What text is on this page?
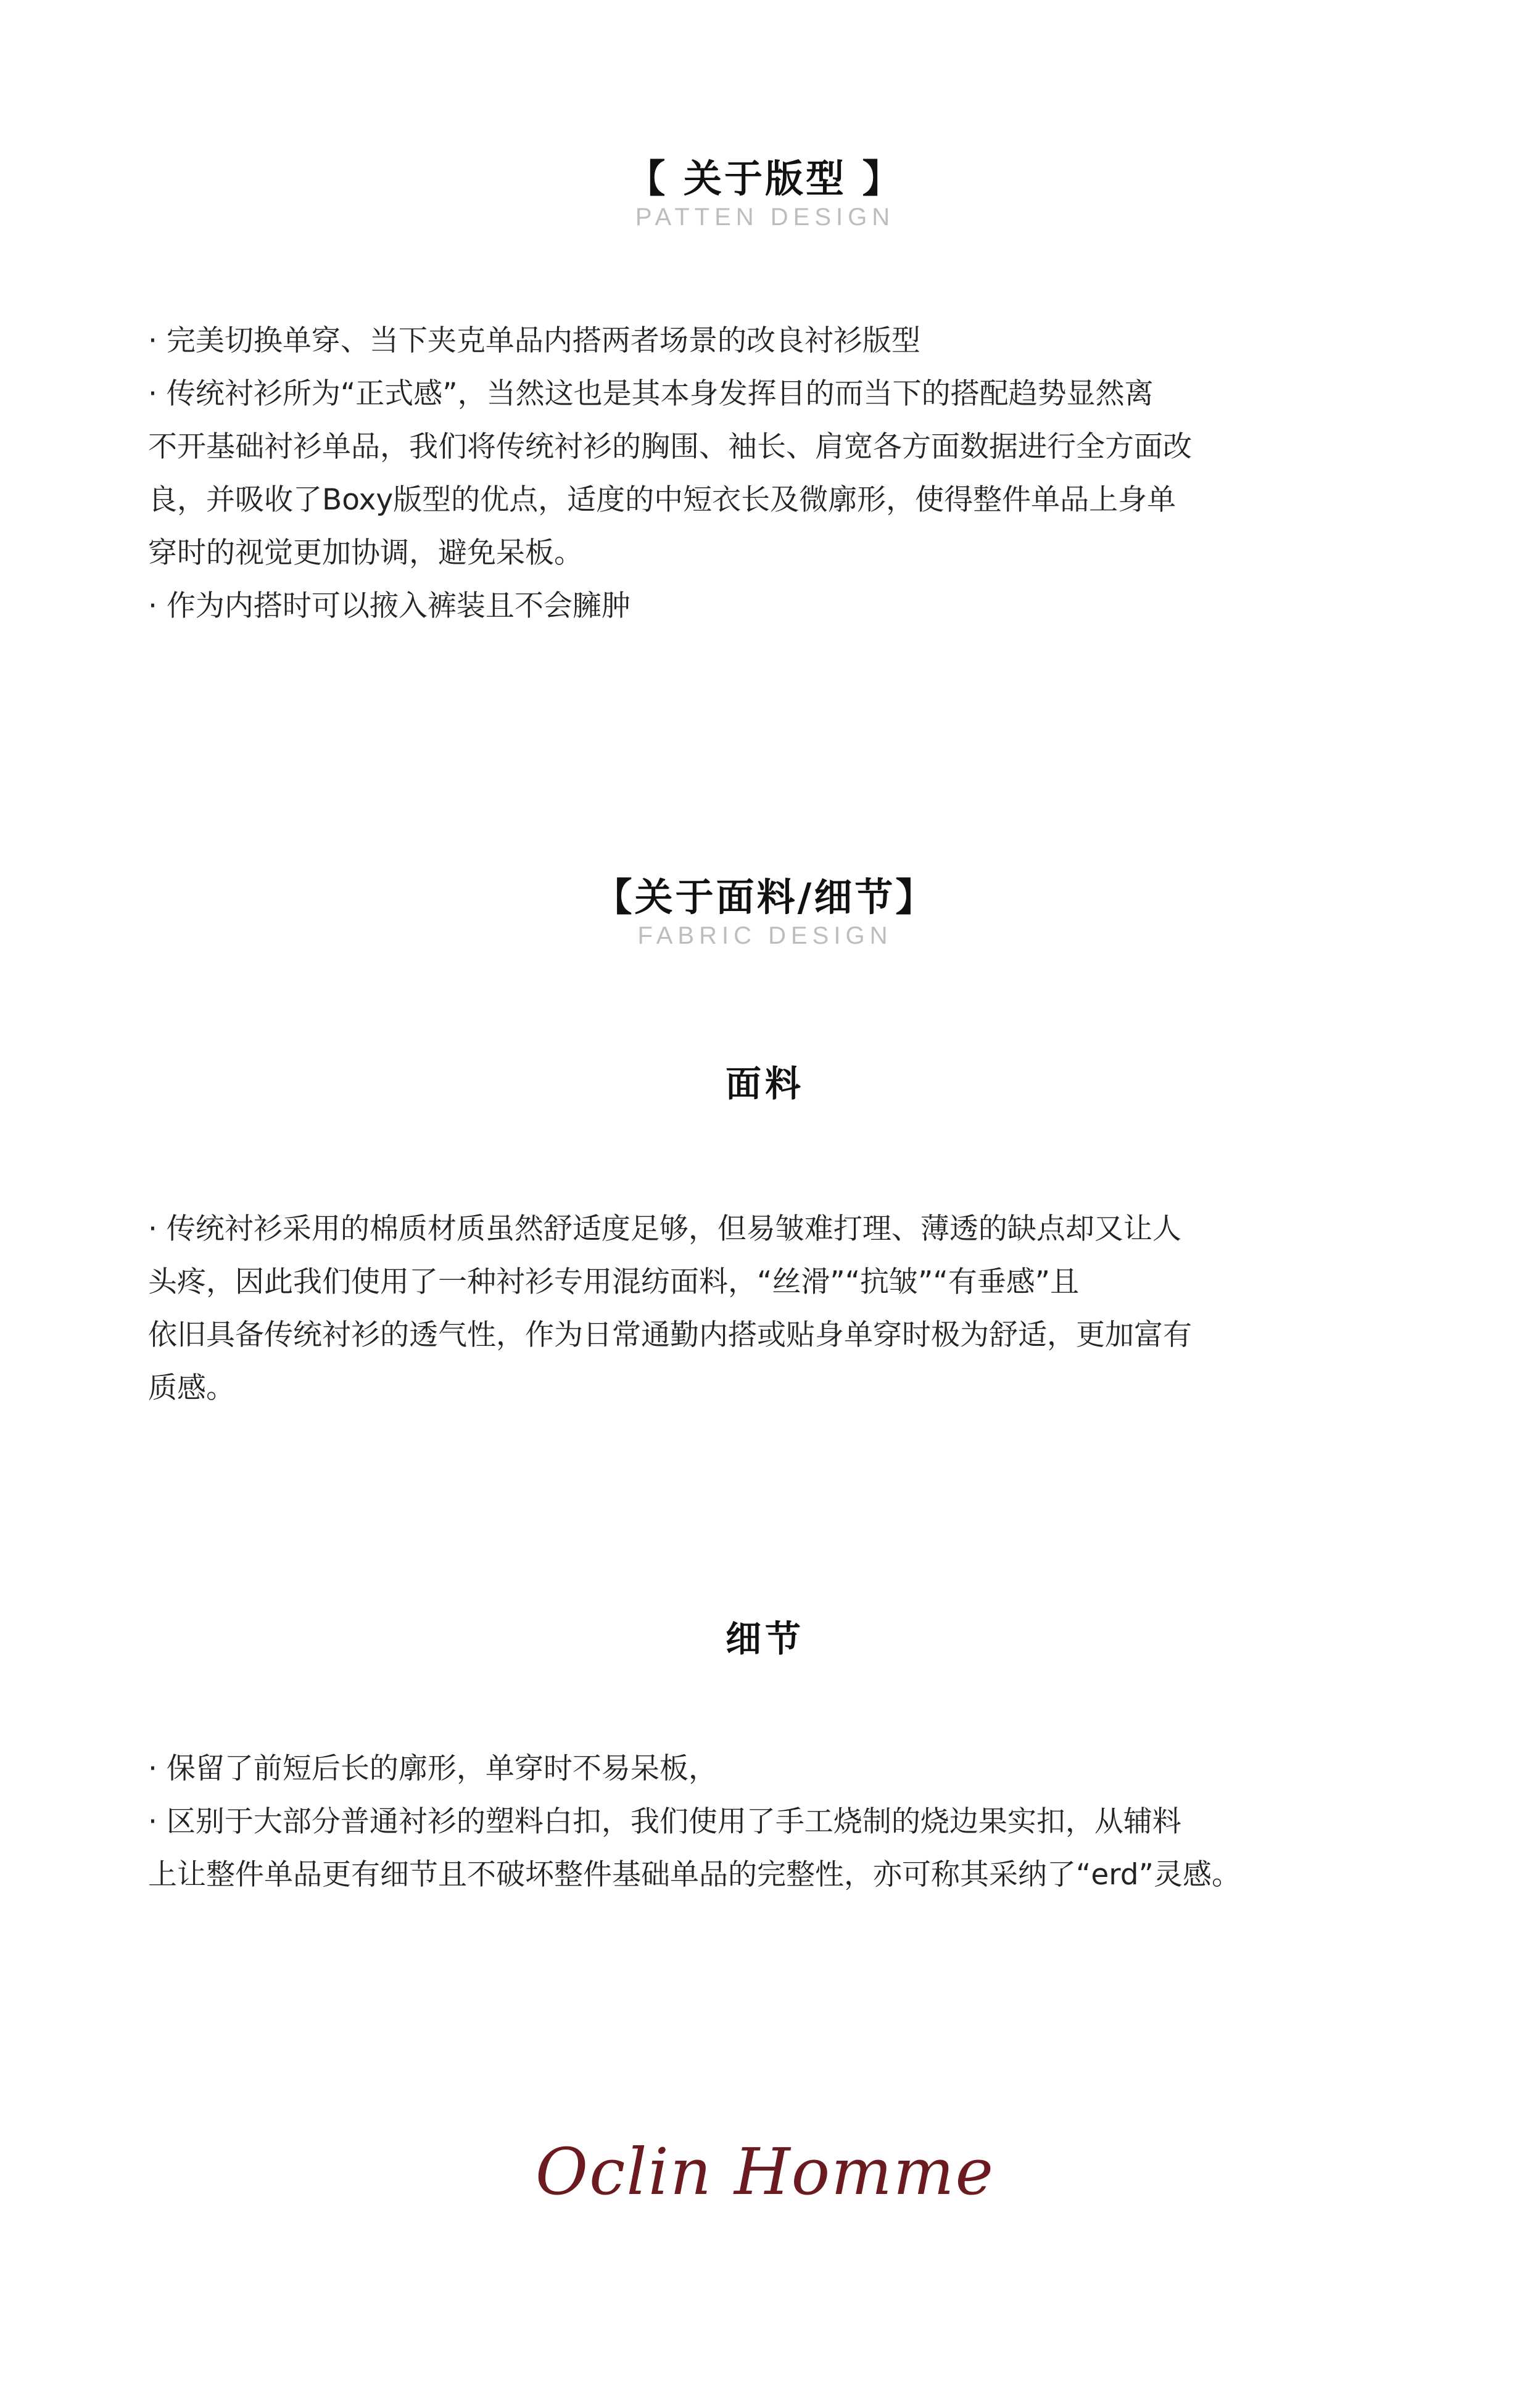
【 关于版型 】
PATTEN DESIGN
· 完美切换单穿、当下夹克单品内搭两者场景的改良衬衫版型
· 传统衬衫所为“正式感”，当然这也是其本身发挥目的而当下的搭配趋势显然离
不开基础衬衫单品，我们将传统衬衫的胸围、袖长、肩宽各方面数据进行全方面改
良，并吸收了Boxy版型的优点，适度的中短衣长及微廓形，使得整件单品上身单
穿时的视觉更加协调，避免呆板。
· 作为内搭时可以掖入裤装且不会臃肿
【关于面料/细节】
FABRIC DESIGN
面料
· 传统衬衫采用的棉质材质虽然舒适度足够，但易皱难打理、薄透的缺点却又让人
头疼，因此我们使用了一种衬衫专用混纺面料，“丝滑”“抗皱”“有垂感”且
依旧具备传统衬衫的透气性，作为日常通勤内搭或贴身单穿时极为舒适，更加富有
质感。
细节
· 保留了前短后长的廓形，单穿时不易呆板，
· 区别于大部分普通衬衫的塑料白扣，我们使用了手工烧制的烧边果实扣，从辅料
上让整件单品更有细节且不破坏整件基础单品的完整性，亦可称其采纳了“erd”灵感。
Oclin Homme
